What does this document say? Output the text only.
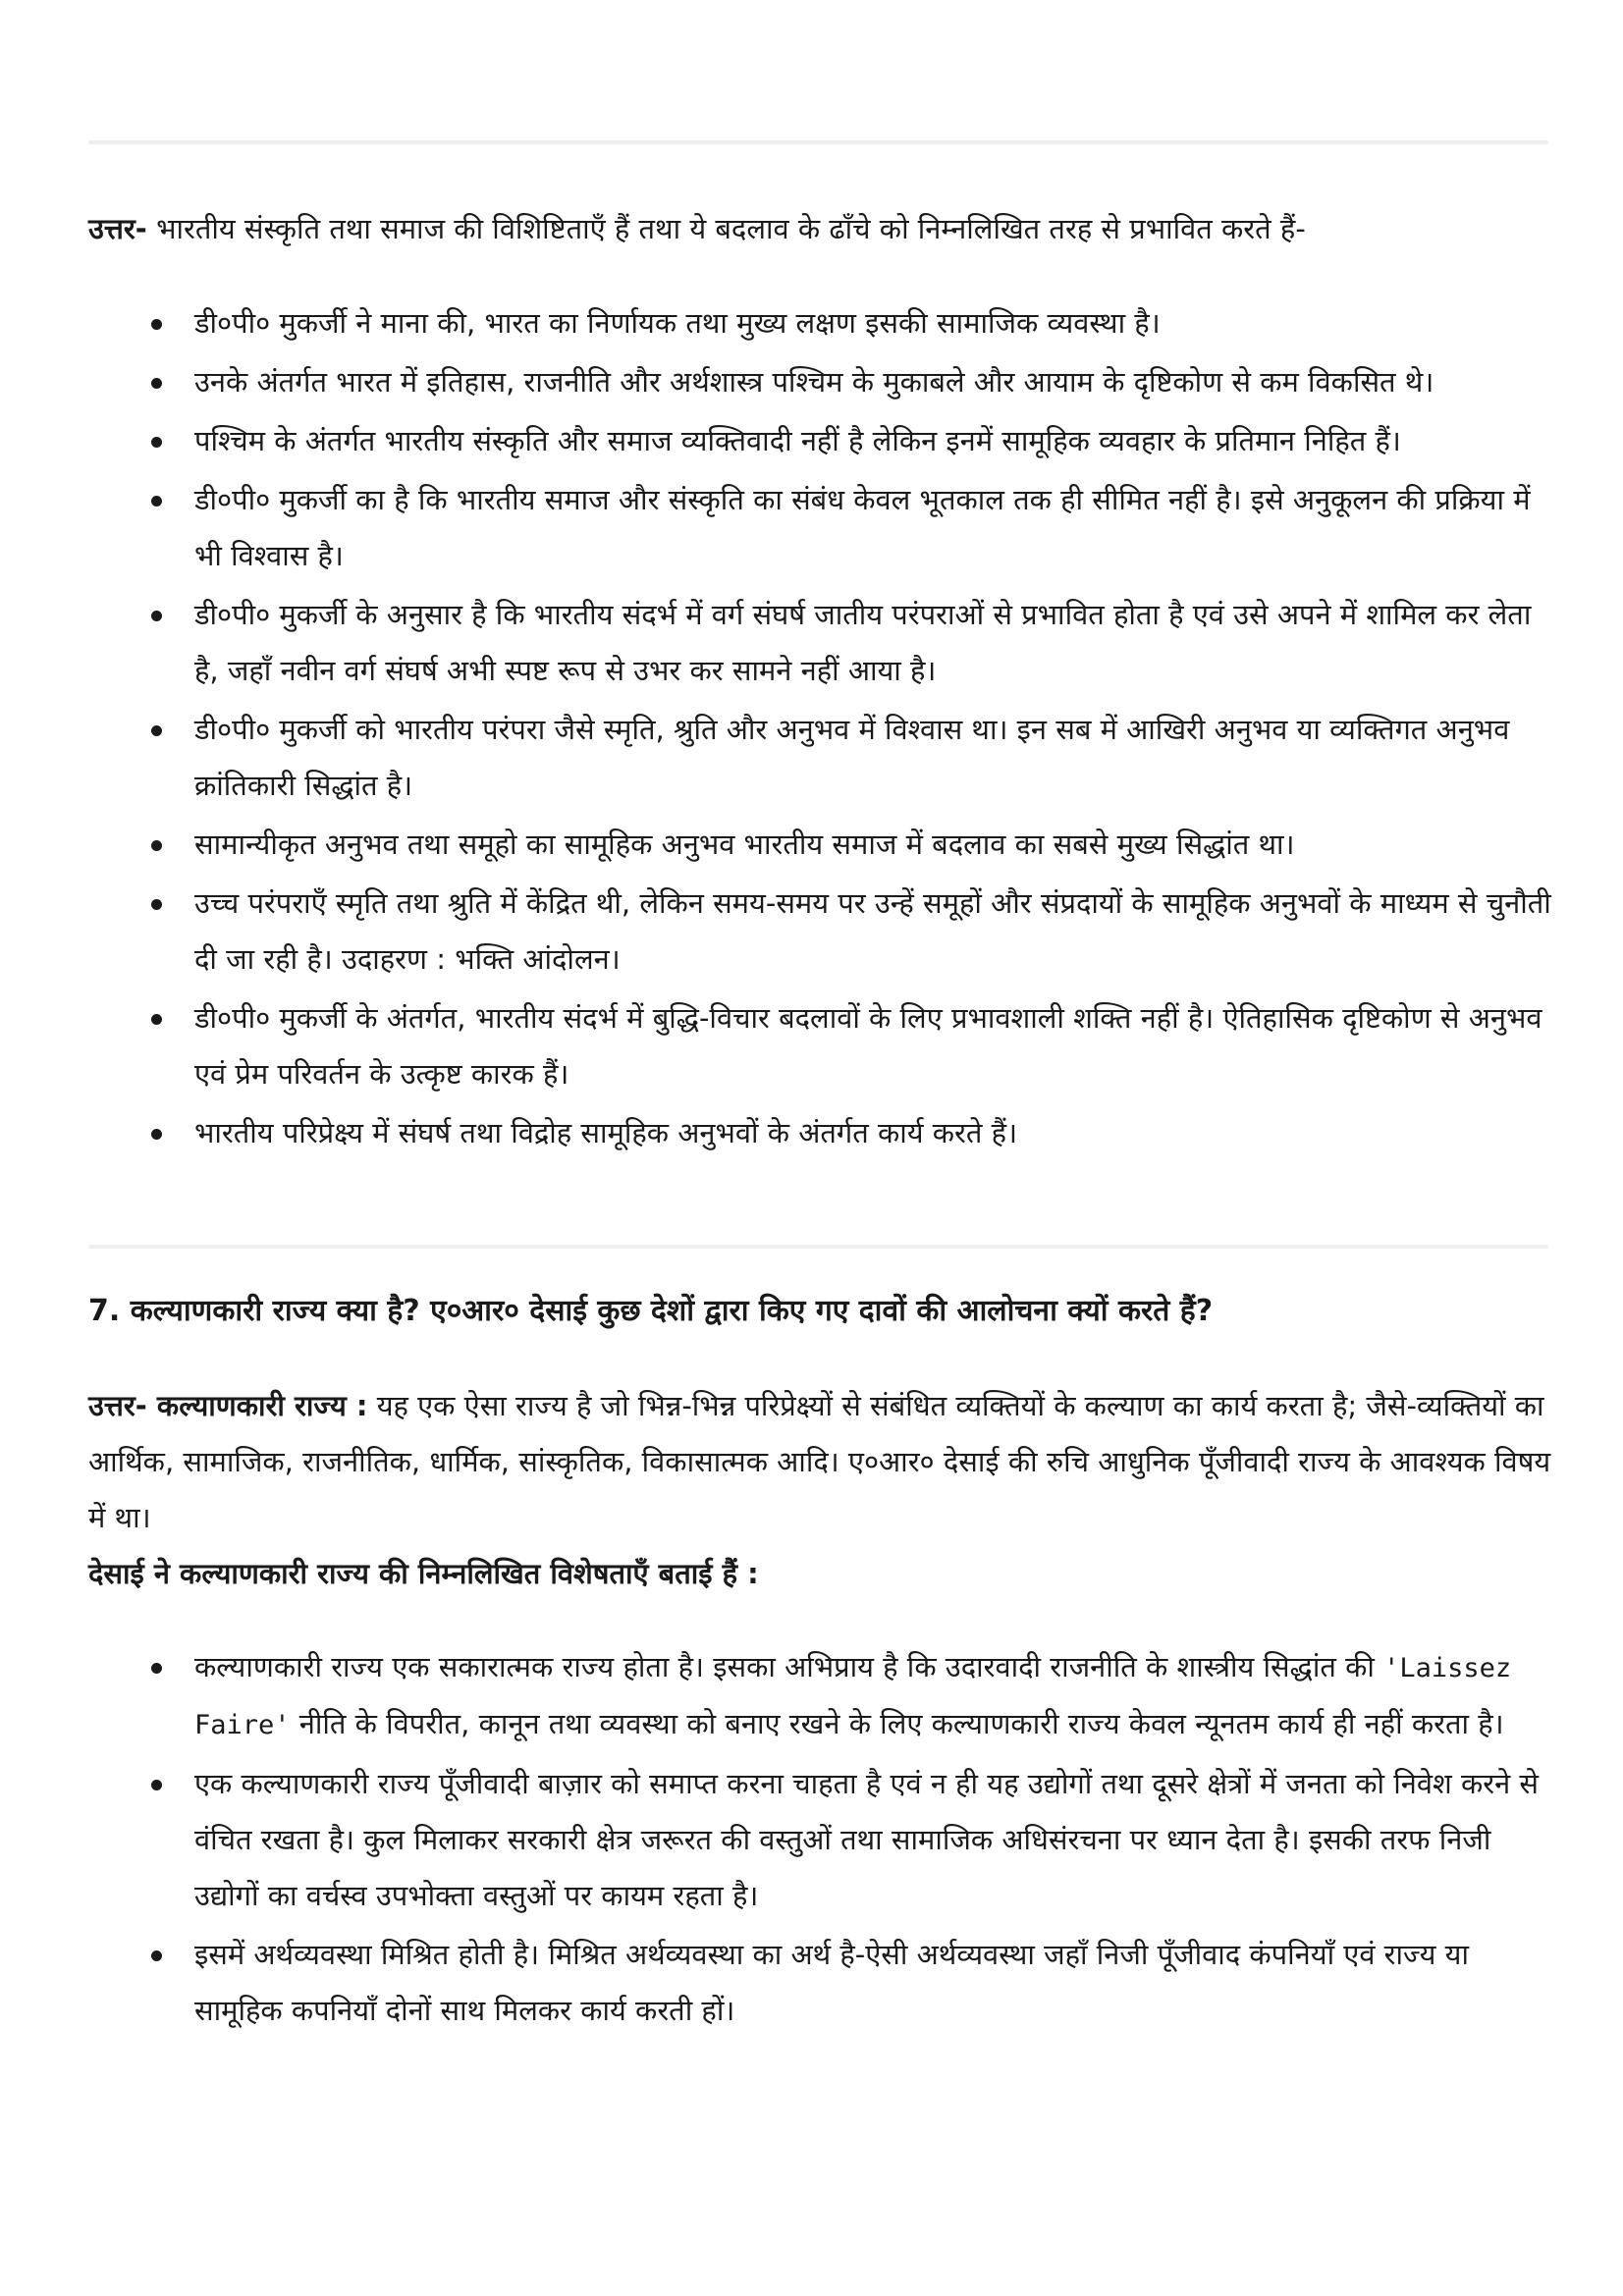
उत्तर- भारतीय संस्कृति तथा समाज की विशिष्टिताएँ हैं तथा ये बदलाव के ढाँचे को निम्नलिखित तरह से प्रभावित करते हैं-

डी०पी० मुकर्जी ने माना की, भारत का निर्णायक तथा मुख्य लक्षण इसकी सामाजिक व्यवस्था है।
उनके अंतर्गत भारत में इतिहास, राजनीति और अर्थशास्त्र पश्चिम के मुकाबले और आयाम के दृष्टिकोण से कम विकसित थे।
पश्चिम के अंतर्गत भारतीय संस्कृति और समाज व्यक्तिवादी नहीं है लेकिन इनमें सामूहिक व्यवहार के प्रतिमान निहित हैं।
डी०पी० मुकर्जी का है कि भारतीय समाज और संस्कृति का संबंध केवल भूतकाल तक ही सीमित नहीं है। इसे अनुकूलन की प्रक्रिया में भी विश्वास है।
डी०पी० मुकर्जी के अनुसार है कि भारतीय संदर्भ में वर्ग संघर्ष जातीय परंपराओं से प्रभावित होता है एवं उसे अपने में शामिल कर लेता है, जहाँ नवीन वर्ग संघर्ष अभी स्पष्ट रूप से उभर कर सामने नहीं आया है।
डी०पी० मुकर्जी को भारतीय परंपरा जैसे स्मृति, श्रुति और अनुभव में विश्वास था। इन सब में आखिरी अनुभव या व्यक्तिगत अनुभव क्रांतिकारी सिद्धांत है।
सामान्यीकृत अनुभव तथा समूहो का सामूहिक अनुभव भारतीय समाज में बदलाव का सबसे मुख्य सिद्धांत था।
उच्च परंपराएँ स्मृति तथा श्रुति में केंद्रित थी, लेकिन समय-समय पर उन्हें समूहों और संप्रदायों के सामूहिक अनुभवों के माध्यम से चुनौती दी जा रही है। उदाहरण : भक्ति आंदोलन।
डी०पी० मुकर्जी के अंतर्गत, भारतीय संदर्भ में बुद्धि-विचार बदलावों के लिए प्रभावशाली शक्ति नहीं है। ऐतिहासिक दृष्टिकोण से अनुभव एवं प्रेम परिवर्तन के उत्कृष्ट कारक हैं।
भारतीय परिप्रेक्ष्य में संघर्ष तथा विद्रोह सामूहिक अनुभवों के अंतर्गत कार्य करते हैं।

7. कल्याणकारी राज्य क्या है? ए०आर० देसाई कुछ देशों द्वारा किए गए दावों की आलोचना क्यों करते हैं?

उत्तर- कल्याणकारी राज्य : यह एक ऐसा राज्य है जो भिन्न-भिन्न परिप्रेक्ष्यों से संबंधित व्यक्तियों के कल्याण का कार्य करता है; जैसे-व्यक्तियों का आर्थिक, सामाजिक, राजनीतिक, धार्मिक, सांस्कृतिक, विकासात्मक आदि। ए०आर० देसाई की रुचि आधुनिक पूँजीवादी राज्य के आवश्यक विषय में था।
देसाई ने कल्याणकारी राज्य की निम्नलिखित विशेषताएँ बताई हैं :
कल्याणकारी राज्य एक सकारात्मक राज्य होता है। इसका अभिप्राय है कि उदारवादी राजनीति के शास्त्रीय सिद्धांत की 'Laissez Faire' नीति के विपरीत, कानून तथा व्यवस्था को बनाए रखने के लिए कल्याणकारी राज्य केवल न्यूनतम कार्य ही नहीं करता है।
एक कल्याणकारी राज्य पूँजीवादी बाज़ार को समाप्त करना चाहता है एवं न ही यह उद्योगों तथा दूसरे क्षेत्रों में जनता को निवेश करने से वंचित रखता है। कुल मिलाकर सरकारी क्षेत्र जरूरत की वस्तुओं तथा सामाजिक अधिसंरचना पर ध्यान देता है। इसकी तरफ निजी उद्योगों का वर्चस्व उपभोक्ता वस्तुओं पर कायम रहता है।
इसमें अर्थव्यवस्था मिश्रित होती है। मिश्रित अर्थव्यवस्था का अर्थ है-ऐसी अर्थव्यवस्था जहाँ निजी पूँजीवाद कंपनियाँ एवं राज्य या सामूहिक कपनियाँ दोनों साथ मिलकर कार्य करती हों।
